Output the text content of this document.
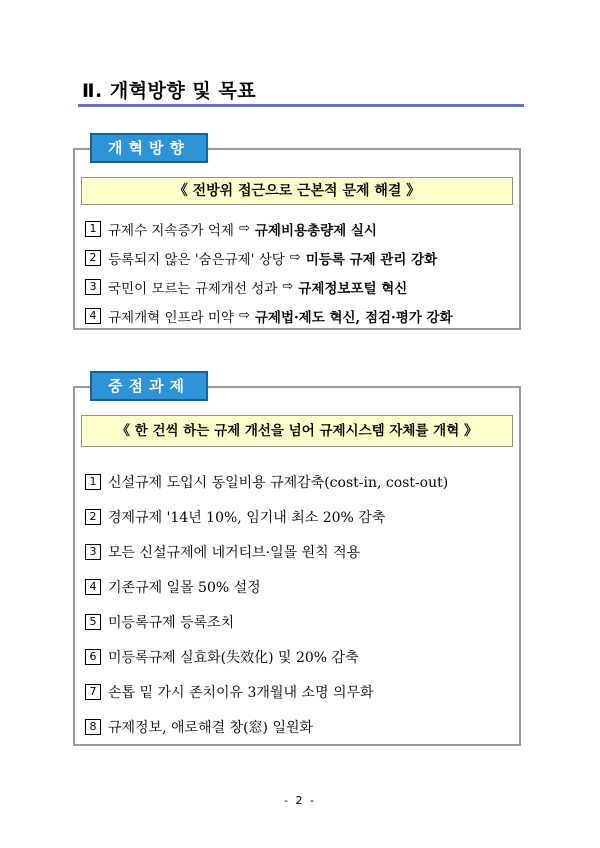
Ⅱ. 개혁방향 및 목표
《 전방위 접근으로 근본적 문제 해결 》
1 규제수 지속증가 억제 ⇨ 규제비용총량제 실시
2 등록되지 않은 '숨은규제' 상당 ⇨ 미등록 규제 관리 강화
3 국민이 모르는 규제개선 성과 ⇨ 규제정보포털 혁신
4 규제개혁 인프라 미약 ⇨ 규제법·제도 혁신, 점검·평가 강화
개혁방향
《 한 건씩 하는 규제 개선을 넘어 규제시스템 자체를 개혁 》
1 신설규제 도입시 동일비용 규제감축(cost-in, cost-out)
2 경제규제 '14년 10%, 임기내 최소 20% 감축
3 모든 신설규제에 네거티브·일몰 원칙 적용
4 기존규제 일몰 50% 설정
5 미등록규제 등록조치
6 미등록규제 실효화(失效化) 및 20% 감축
7 손톱 밑 가시 존치이유 3개월내 소명 의무화
8 규제정보, 애로해결 창(窓) 일원화
중점과제
- 2 -
